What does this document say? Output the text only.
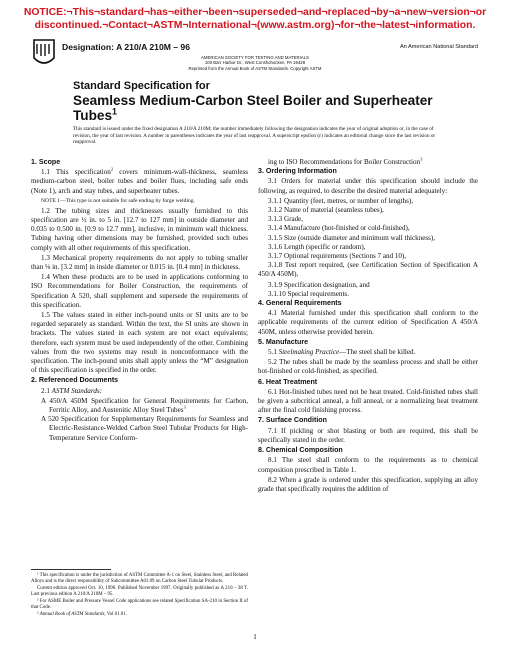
NOTICE:¬This¬standard¬has¬either¬been¬superseded¬and¬replaced¬by¬a¬new¬version¬or
discontinued.¬Contact¬ASTM¬International¬(www.astm.org)¬for¬the¬latest¬information.
Designation: A 210/A 210M – 96	An American National Standard
AMERICAN SOCIETY FOR TESTING AND MATERIALS
100 Barr Harbor Dr., West Conshohocken, PA 19428
Reprinted from the Annual Book of ASTM Standards. Copyright ASTM
Standard Specification for
Seamless Medium-Carbon Steel Boiler and Superheater
Tubes$^1$
This standard is issued under the fixed designation A 210/A 210M; the number immediately following the designation indicates the year of original adoption or, in the case of revision, the year of last revision. A number in parentheses indicates the year of last reapproval. A superscript epsilon (ε) indicates an editorial change since the last revision or reapproval.

1. Scope

1.1 This specification$^2$ covers minimum-wall-thickness, seamless medium-carbon steel, boiler tubes and boiler flues, including safe ends (Note 1), arch and stay tubes, and superheater tubes.

NOTE 1—This type is not suitable for safe ending by forge welding.

1.2 The tubing sizes and thicknesses usually furnished to this specification are ½ in. to 5 in. [12.7 to 127 mm] in outside diameter and 0.035 to 0.500 in. [0.9 to 12.7 mm], inclusive, in minimum wall thickness. Tubing having other dimensions may be furnished, provided such tubes comply with all other requirements of this specification.

1.3 Mechanical property requirements do not apply to tubing smaller than ⅛ in. [3.2 mm] in inside diameter or 0.015 in. [0.4 mm] in thickness.

1.4 When these products are to be used in applications conforming to ISO Recommendations for Boiler Construction, the requirements of Specification A 520, shall supplement and supersede the requirements of this specification.

1.5 The values stated in either inch-pound units or SI units are to be regarded separately as standard. Within the text, the SI units are shown in brackets. The values stated in each system are not exact equivalents; therefore, each system must be used independently of the other. Combining values from the two systems may result in nonconformance with the specification. The inch-pound units shall apply unless the “M” designation of this specification is specified in the order.

2. Referenced Documents

2.1 ASTM Standards:

A 450/A 450M Specification for General Requirements for Carbon, Ferritic Alloy, and Austenitic Alloy Steel Tubes$^3$

A 520 Specification for Supplementary Requirements for Seamless and Electric-Resistance-Welded Carbon Steel Tubular Products for High-Temperature Service Conform-

ing to ISO Recommendations for Boiler Construction$^3$

3. Ordering Information

3.1 Orders for material under this specification should include the following, as required, to describe the desired material adequately:

3.1.1 Quantity (feet, metres, or number of lengths),

3.1.2 Name of material (seamless tubes),

3.1.3 Grade,

3.1.4 Manufacture (hot-finished or cold-finished),

3.1.5 Size (outside diameter and minimum wall thickness),

3.1.6 Length (specific or random),

3.1.7 Optional requirements (Sections 7 and 10),

3.1.8 Test report required, (see Certification Section of Specification A 450/A 450M),

3.1.9 Specification designation, and

3.1.10 Special requirements.

4. General Requirements

4.1 Material furnished under this specification shall conform to the applicable requirements of the current edition of Specification A 450/A 450M, unless otherwise provided herein.

5. Manufacture

5.1 Steelmaking Practice—The steel shall be killed.

5.2 The tubes shall be made by the seamless process and shall be either hot-finished or cold-finished, as specified.

6. Heat Treatment

6.1 Hot-finished tubes need not be heat treated. Cold-finished tubes shall be given a subcritical anneal, a full anneal, or a normalizing heat treatment after the final cold finishing process.

7. Surface Condition

7.1 If pickling or shot blasting or both are required, this shall be specifically stated in the order.

8. Chemical Composition

8.1 The steel shall conform to the requirements as to chemical composition prescribed in Table 1.

8.2 When a grade is ordered under this specification, supplying an alloy grade that specifically requires the addition of

¹ This specification is under the jurisdiction of ASTM Committee A-1 on Steel, Stainless Steel, and Related Alloys and is the direct responsibility of Subcommittee A01.09 on Carbon Steel Tubular Products.

Current edition approved Oct. 10, 1996. Published November 1997. Originally published as A 210 – 38 T. Last previous edition A 210/A 210M – 95.

² For ASME Boiler and Pressure Vessel Code applications see related Specification SA-210 in Section II of that Code.

³ Annual Book of ASTM Standards, Vol 01.01.

1
